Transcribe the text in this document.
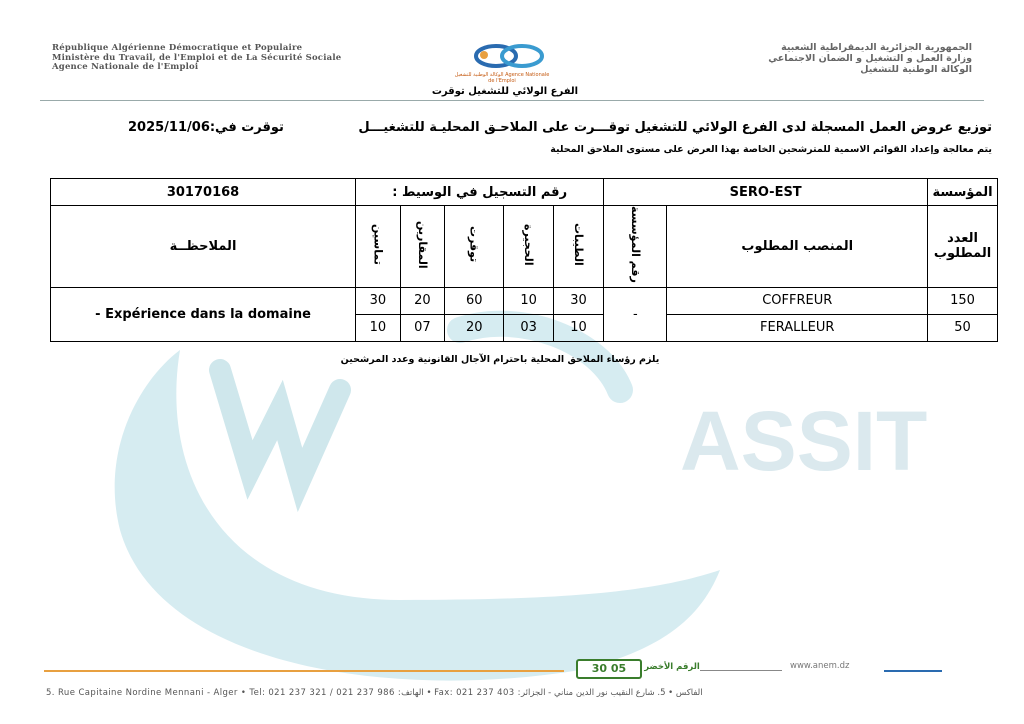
ASSIT
République Algérienne Démocratique et Populaire
Ministère du Travail, de l'Emploi et de La Sécurité Sociale
Agence Nationale de l'Emploi
الوكالة الوطنية للتشغيل Agence Nationale de l'Emploi
الجمهورية الجزائرية الديمقراطية الشعبية
وزارة العمل و التشغيل و الضمان الاجتماعي
الوكالة الوطنية للتشغيل
الفرع الولائي للتشغيل توقرت
توزيع عروض العمل المسجلة لدى الفرع الولائي للتشغيل توقـــرت على الملاحـق المحليـة للتشغيـــل
توقرت في:2025/11/06
يتم معالجة وإعداد القوائم الاسمية للمترشحين الخاصة بهذا العرض على مستوى الملاحق المحلية
30170168	رقم التسجيل في الوسيط :					SERO-EST		المؤسسة
الملاحظــة	تماسين	المقارين	توقرت	الحجيرة	الطيبات	رقم المؤسسة	المنصب المطلوب	العدد المطلوب
- Expérience dans la domaine	30	20	60	10	30	-	COFFREUR	150
	10	07	20	03	10		FERALLEUR	50
يلزم رؤساء الملاحق المحلية باحترام الآجال القانونية وعدد المرشحين
30 05	الرقم الأخضر	www.anem.dz
5. Rue Capitaine Nordine Mennani - Alger • Tel: 021 237 321 / 021 237 986 :الهاتف • Fax: 021 237 403 :الفاكس • 5. شارع النقيب نور الدين مناني - الجزائر
